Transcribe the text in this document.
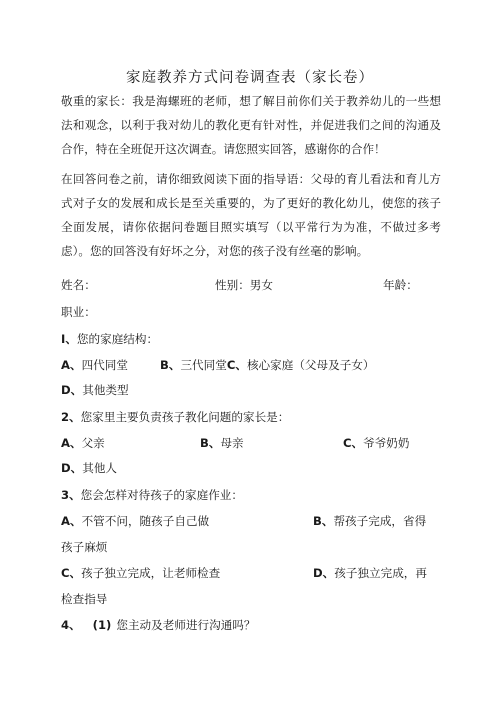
家庭教养方式问卷调查表（家长卷）
敬重的家长：我是海螺班的老师，想了解目前你们关于教养幼儿的一些想法和观念，以利于我对幼儿的教化更有针对性，并促进我们之间的沟通及合作，特在全班促开这次调查。请您照实回答，感谢你的合作！
在回答问卷之前，请你细致阅读下面的指导语：父母的育儿看法和育儿方式对子女的发展和成长是至关重要的，为了更好的教化幼儿，使您的孩子全面发展，请你依据问卷题目照实填写（以平常行为为准，不做过多考虑）。您的回答没有好坏之分，对您的孩子没有丝毫的影响。
姓名：	性别：男女	年龄：
职业：
I、您的家庭结构：
A、四代同堂	B、三代同堂C、核心家庭（父母及子女）
D、其他类型
2、您家里主要负责孩子教化问题的家长是：
A、父亲	B、母亲	C、爷爷奶奶
D、其他人
3、您会怎样对待孩子的家庭作业：
A、不管不问，随孩子自己做	B、帮孩子完成，省得
孩子麻烦
C、孩子独立完成，让老师检查	D、孩子独立完成，再
检查指导
4、 (1) 您主动及老师进行沟通吗？
